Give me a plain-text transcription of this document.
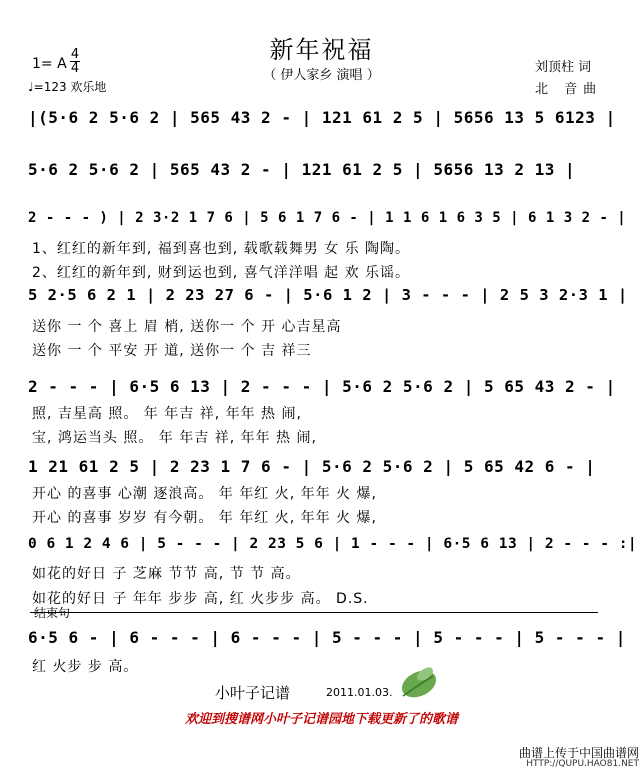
新年祝福
（ 伊人家乡 演唱 ）
1= A
4
4
♩=123 欢乐地
刘顶柱 词
北 音曲
|(5·6 2 5·6 2 | 565 43 2 - | 121 61 2 5 | 5656 13 5 6123 |
5·6 2 5·6 2 | 565 43 2 - | 121 61 2 5 | 5656 13 2 13 |
2 - - - ) | 2 3·2 1 7 6 | 5 6 1 7 6 - | 1 1 6 1 6 3 5 | 6 1 3 2 - |
1、红红的新年到, 福到喜也到, 载歌载舞男 女 乐 陶陶。
2、红红的新年到, 财到运也到, 喜气洋洋唱 起 欢 乐谣。
5 2·5 6 2 1 | 2 23 27 6 - | 5·6 1 2 | 3 - - - | 2 5 3 2·3 1 |
送你 一 个 喜上 眉 梢, 送你一 个 开 心吉星高
送你 一 个 平安 开 道, 送你一 个 吉 祥三
2 - - - | 6·5 6 13 | 2 - - - | 5·6 2 5·6 2 | 5 65 43 2 - |
照, 吉星高 照。 年 年吉 祥, 年年 热 闹,
宝, 鸿运当头 照。 年 年吉 祥, 年年 热 闹,
1 21 61 2 5 | 2 23 1 7 6 - | 5·6 2 5·6 2 | 5 65 42 6 - |
开心 的喜事 心潮 逐浪高。 年 年红 火, 年年 火 爆,
开心 的喜事 岁岁 有今朝。 年 年红 火, 年年 火 爆,
0 6 1 2 4 6 | 5 - - - | 2 23 5 6 | 1 - - - | 6·5 6 13 | 2 - - - :|
如花的好日 子 芝麻 节节 高, 节 节 高。
如花的好日 子 年年 步步 高, 红 火步步 高。 D.S.
6·5 6 - | 6 - - - | 6 - - - | 5 - - - | 5 - - - | 5 - - - |
红 火步 步 高。
结束句
小叶子记谱	2011.01.03.
欢迎到搜谱网小叶子记谱园地下载更新了的歌谱
曲谱上传于中国曲谱网
HTTP://QUPU.HAO81.NET
